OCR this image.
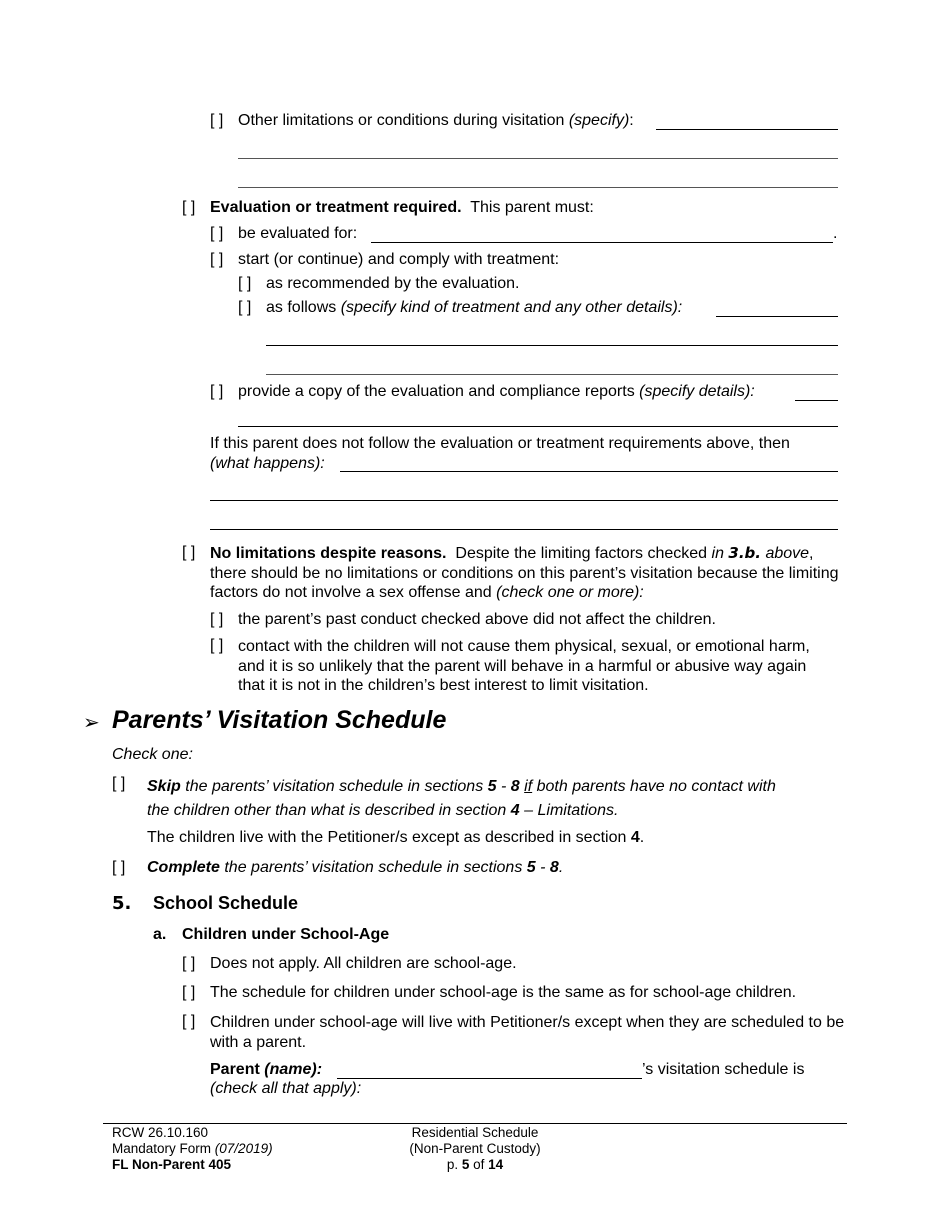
[ ] Other limitations or conditions during visitation (specify):
[ ] Evaluation or treatment required. This parent must:
[ ] be evaluated for:	.
[ ] start (or continue) and comply with treatment:
[ ] as recommended by the evaluation.
[ ] as follows (specify kind of treatment and any other details):
[ ] provide a copy of the evaluation and compliance reports (specify details):
If this parent does not follow the evaluation or treatment requirements above, then
(what happens):
[ ] No limitations despite reasons. Despite the limiting factors checked in 3.b. above, there should be no limitations or conditions on this parent’s visitation because the limiting factors do not involve a sex offense and (check one or more):
[ ] the parent’s past conduct checked above did not affect the children.
[ ] contact with the children will not cause them physical, sexual, or emotional harm, and it is so unlikely that the parent will behave in a harmful or abusive way again that it is not in the children’s best interest to limit visitation.
➢ Parents’ Visitation Schedule
Check one:
[ ] Skip the parents’ visitation schedule in sections 5 - 8 if both parents have no contact with
the children other than what is described in section 4 – Limitations.
The children live with the Petitioner/s except as described in section 4.
[ ] Complete the parents’ visitation schedule in sections 5 - 8.
5. School Schedule
a. Children under School-Age
[ ] Does not apply. All children are school-age.
[ ] The schedule for children under school-age is the same as for school-age children.
[ ] Children under school-age will live with Petitioner/s except when they are scheduled to be with a parent.
Parent (name):	’s visitation schedule is
(check all that apply):
RCW 26.10.160
Mandatory Form (07/2019)
FL Non-Parent 405
Residential Schedule
(Non-Parent Custody)
p. 5 of 14
